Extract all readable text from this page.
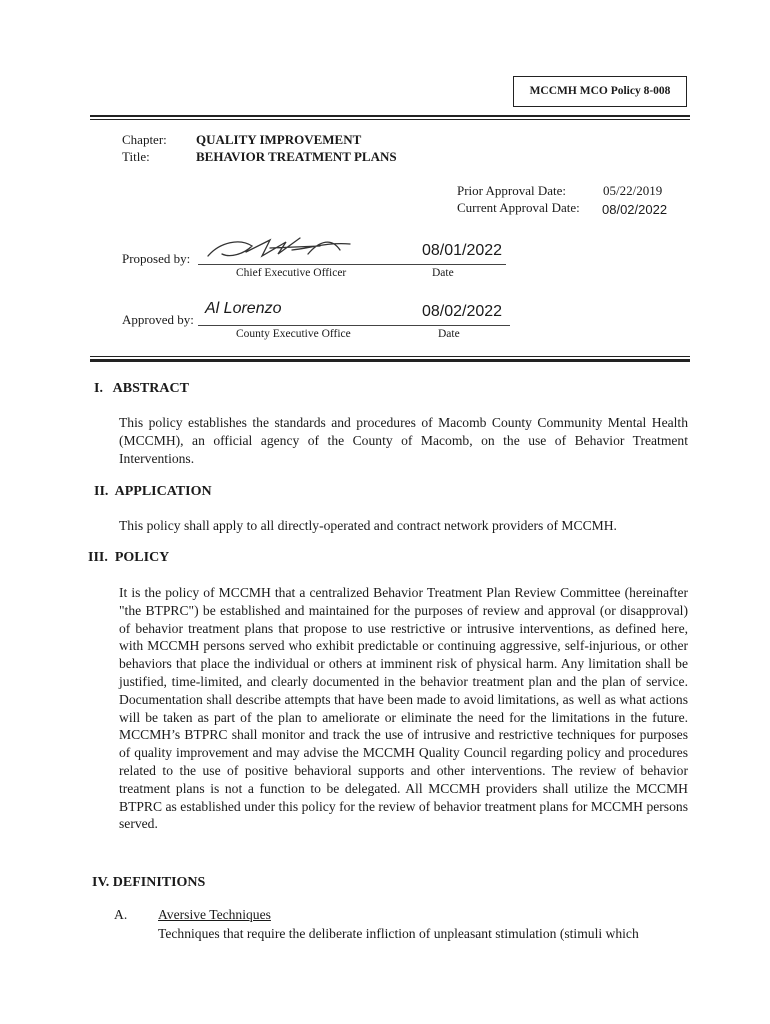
MCCMH MCO Policy 8-008
Chapter: QUALITY IMPROVEMENT
Title:	BEHAVIOR TREATMENT PLANS
Prior Approval Date:	05/22/2019
Current Approval Date: 08/02/2022
Proposed by:	08/01/2022
Chief Executive Officer	Date
Approved by:
Al Lorenzo	08/02/2022
County Executive Office	Date
I.   ABSTRACT

This policy establishes the standards and procedures of Macomb County Community Mental Health (MCCMH), an official agency of the County of Macomb, on the use of Behavior Treatment Interventions.

II.  APPLICATION

This policy shall apply to all directly-operated and contract network providers of MCCMH.

III.  POLICY

It is the policy of MCCMH that a centralized Behavior Treatment Plan Review Committee (hereinafter "the BTPRC") be established and maintained for the purposes of review and approval (or disapproval) of behavior treatment plans that propose to use restrictive or intrusive interventions, as defined here, with MCCMH persons served who exhibit predictable or continuing aggressive, self-injurious, or other behaviors that place the individual or others at imminent risk of physical harm. Any limitation shall be justified, time-limited, and clearly documented in the behavior treatment plan and the plan of service. Documentation shall describe attempts that have been made to avoid limitations, as well as what actions will be taken as part of the plan to ameliorate or eliminate the need for the limitations in the future. MCCMH’s BTPRC shall monitor and track the use of intrusive and restrictive techniques for purposes of quality improvement and may advise the MCCMH Quality Council regarding policy and procedures related to the use of positive behavioral supports and other interventions. The review of behavior treatment plans is not a function to be delegated. All MCCMH providers shall utilize the MCCMH BTPRC as established under this policy for the review of behavior treatment plans for MCCMH persons served.

IV. DEFINITIONS
A. Aversive Techniques
Techniques that require the deliberate infliction of unpleasant stimulation (stimuli which
